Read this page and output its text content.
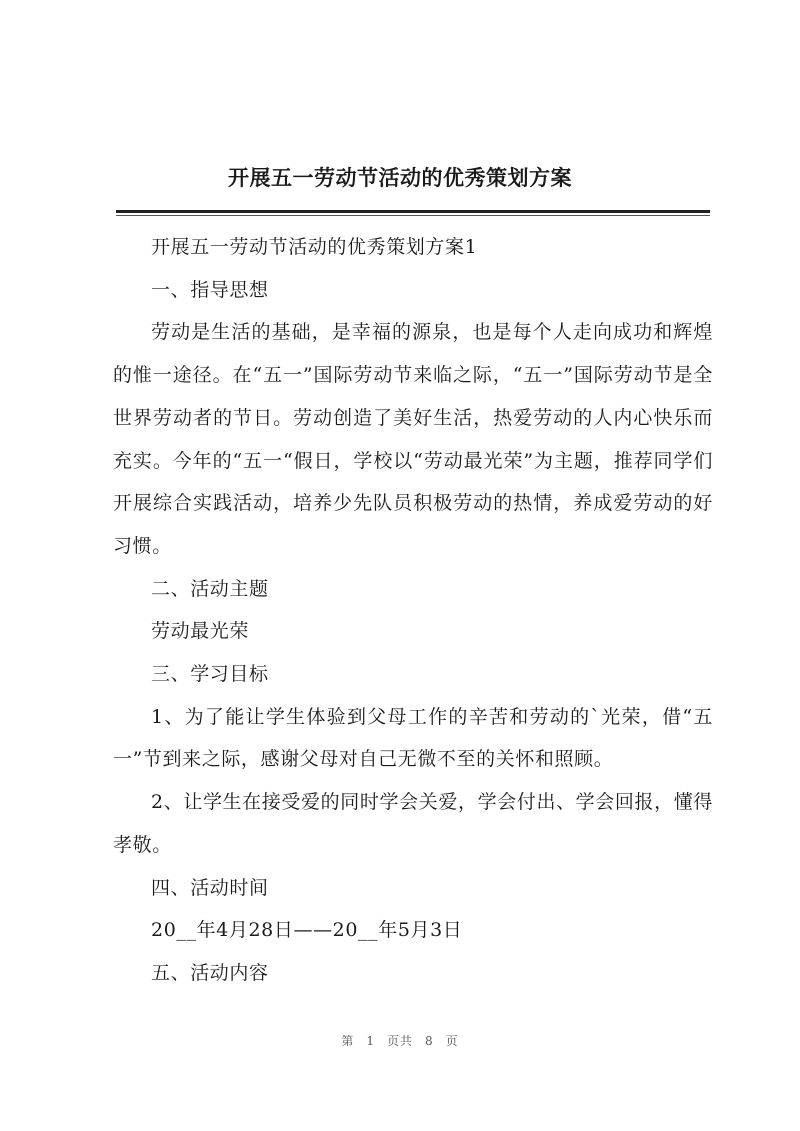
开展五一劳动节活动的优秀策划方案

开展五一劳动节活动的优秀策划方案1

一、指导思想

劳动是生活的基础，是幸福的源泉，也是每个人走向成功和辉煌的惟一途径。在“五一”国际劳动节来临之际，“五一”国际劳动节是全世界劳动者的节日。劳动创造了美好生活，热爱劳动的人内心快乐而充实。今年的“五一“假日，学校以“劳动最光荣”为主题，推荐同学们开展综合实践活动，培养少先队员积极劳动的热情，养成爱劳动的好习惯。

二、活动主题

劳动最光荣

三、学习目标

1、为了能让学生体验到父母工作的辛苦和劳动的`光荣，借“五一”节到来之际，感谢父母对自己无微不至的关怀和照顾。

2、让学生在接受爱的同时学会关爱，学会付出、学会回报，懂得孝敬。

四、活动时间

20__年4月28日——20__年5月3日

五、活动内容

第 1 页共 8 页
